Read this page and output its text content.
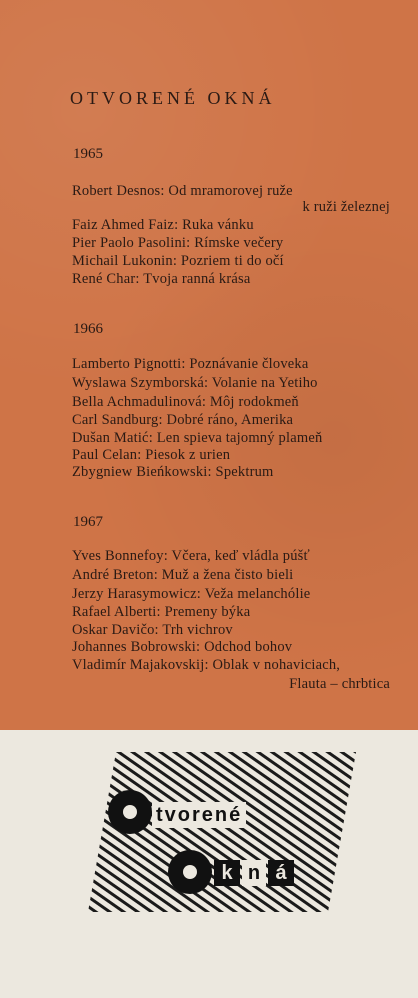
OTVORENÉ OKNÁ
1965
Robert Desnos: Od mramorovej ruže
k ruži železnej
Faiz Ahmed Faiz: Ruka vánku
Pier Paolo Pasolini: Rímske večery
Michail Lukonin: Pozriem ti do očí
René Char: Tvoja ranná krása
1966
Lamberto Pignotti: Poznávanie človeka
Wyslawa Szymborská: Volanie na Yetiho
Bella Achmadulinová: Môj rodokmeň
Carl Sandburg: Dobré ráno, Amerika
Dušan Matić: Len spieva tajomný plameň
Paul Celan: Piesok z urien
Zbygniew Bieńkowski: Spektrum
1967
Yves Bonnefoy: Včera, keď vládla púšť
André Breton: Muž a žena čisto bieli
Jerzy Harasymowicz: Veža melanchólie
Rafael Alberti: Premeny býka
Oskar Davičo: Trh vichrov
Johannes Bobrowski: Odchod bohov
Vladimír Majakovskij: Oblak v nohaviciach,
Flauta – chrbtica
tvorené
k n á
